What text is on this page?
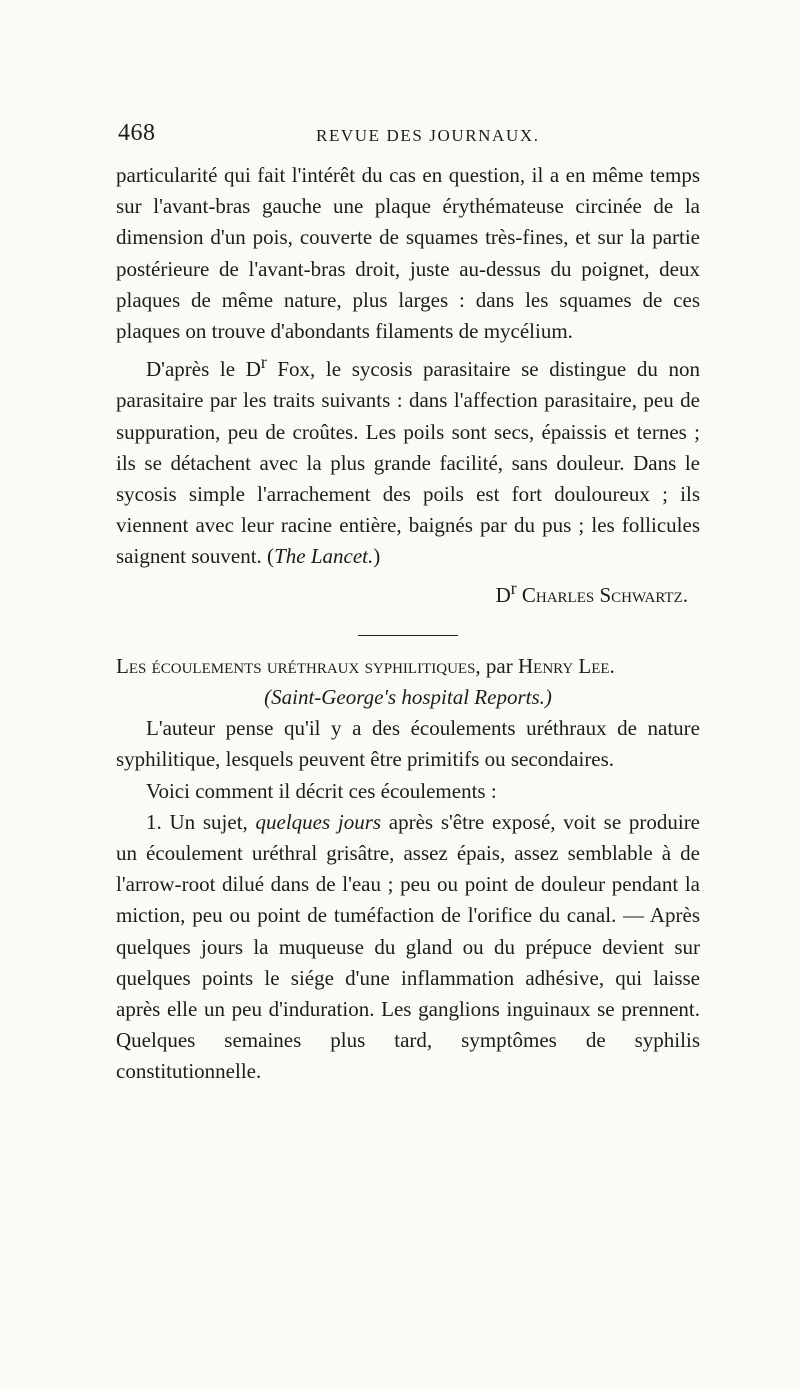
468	REVUE DES JOURNAUX.

particularité qui fait l'intérêt du cas en question, il a en même temps sur l'avant-bras gauche une plaque érythémateuse circinée de la dimension d'un pois, couverte de squames très-fines, et sur la partie postérieure de l'avant-bras droit, juste au-dessus du poignet, deux plaques de même nature, plus larges : dans les squames de ces plaques on trouve d'abondants filaments de mycélium.

D'après le $D^r$ Fox, le sycosis parasitaire se distingue du non parasitaire par les traits suivants : dans l'affection parasitaire, peu de suppuration, peu de croûtes. Les poils sont secs, épaissis et ternes ; ils se détachent avec la plus grande facilité, sans douleur. Dans le sycosis simple l'arrachement des poils est fort douloureux ; ils viennent avec leur racine entière, baignés par du pus ; les follicules saignent souvent. (The Lancet.)

$D^r$ Charles Schwartz.

Les écoulements uréthraux syphilitiques, par Henry Lee.

(Saint-George's hospital Reports.)

L'auteur pense qu'il y a des écoulements uréthraux de nature syphilitique, lesquels peuvent être primitifs ou secondaires.

Voici comment il décrit ces écoulements :

1. Un sujet, quelques jours après s'être exposé, voit se produire un écoulement uréthral grisâtre, assez épais, assez semblable à de l'arrow-root dilué dans de l'eau ; peu ou point de douleur pendant la miction, peu ou point de tuméfaction de l'orifice du canal. — Après quelques jours la muqueuse du gland ou du prépuce devient sur quelques points le siége d'une inflammation adhésive, qui laisse après elle un peu d'induration. Les ganglions inguinaux se prennent. Quelques semaines plus tard, symptômes de syphilis constitutionnelle.
